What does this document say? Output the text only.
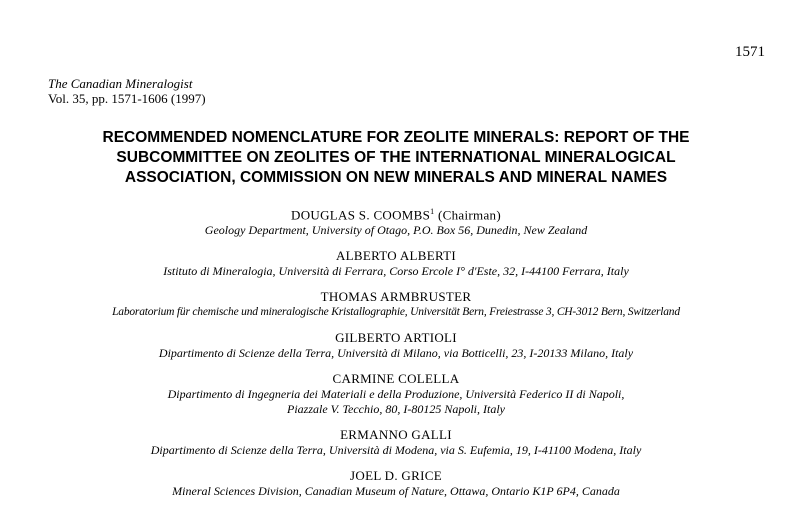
1571
The Canadian Mineralogist
Vol. 35, pp. 1571-1606 (1997)
RECOMMENDED NOMENCLATURE FOR ZEOLITE MINERALS: REPORT OF THE
SUBCOMMITTEE ON ZEOLITES OF THE INTERNATIONAL MINERALOGICAL
ASSOCIATION, COMMISSION ON NEW MINERALS AND MINERAL NAMES
DOUGLAS S. COOMBS$^1$ (Chairman)
Geology Department, University of Otago, P.O. Box 56, Dunedin, New Zealand
ALBERTO ALBERTI
Istituto di Mineralogia, Università di Ferrara, Corso Ercole I° d'Este, 32, I-44100 Ferrara, Italy
THOMAS ARMBRUSTER
Laboratorium für chemische und mineralogische Kristallographie, Universität Bern, Freiestrasse 3, CH-3012 Bern, Switzerland
GILBERTO ARTIOLI
Dipartimento di Scienze della Terra, Università di Milano, via Botticelli, 23, I-20133 Milano, Italy
CARMINE COLELLA
Dipartimento di Ingegneria dei Materiali e della Produzione, Università Federico II di Napoli,
Piazzale V. Tecchio, 80, I-80125 Napoli, Italy
ERMANNO GALLI
Dipartimento di Scienze della Terra, Università di Modena, via S. Eufemia, 19, I-41100 Modena, Italy
JOEL D. GRICE
Mineral Sciences Division, Canadian Museum of Nature, Ottawa, Ontario K1P 6P4, Canada
